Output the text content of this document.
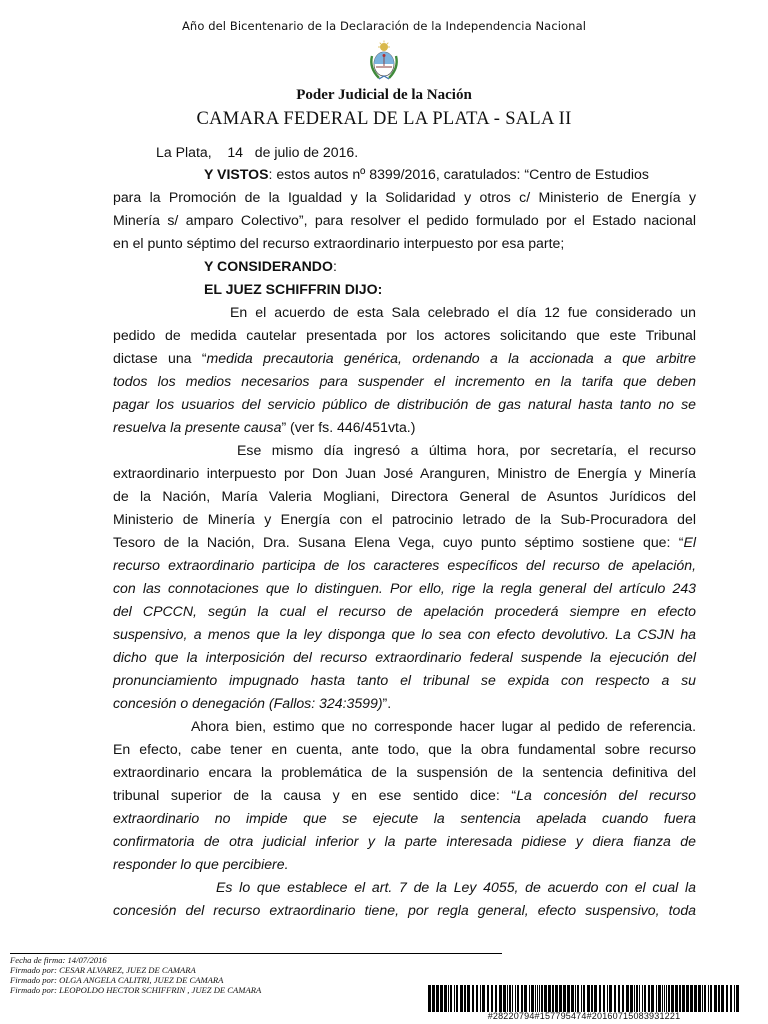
Año del Bicentenario de la Declaración de la Independencia Nacional
Poder Judicial de la Nación
CAMARA FEDERAL DE LA PLATA - SALA II
La Plata, 14 de julio de 2016.
Y VISTOS: estos autos nº 8399/2016, caratulados: “Centro de Estudios
para la Promoción de la Igualdad y la Solidaridad y otros c/ Ministerio de Energía y
Minería s/ amparo Colectivo”, para resolver el pedido formulado por el Estado nacional
en el punto séptimo del recurso extraordinario interpuesto por esa parte;
Y CONSIDERANDO:
EL JUEZ SCHIFFRIN DIJO:
En el acuerdo de esta Sala celebrado el día 12 fue considerado un
pedido de medida cautelar presentada por los actores solicitando que este Tribunal
dictase una “medida precautoria genérica, ordenando a la accionada a que arbitre
todos los medios necesarios para suspender el incremento en la tarifa que deben
pagar los usuarios del servicio público de distribución de gas natural hasta tanto no se
resuelva la presente causa” (ver fs. 446/451vta.)
Ese mismo día ingresó a última hora, por secretaría, el recurso
extraordinario interpuesto por Don Juan José Aranguren, Ministro de Energía y Minería
de la Nación, María Valeria Mogliani, Directora General de Asuntos Jurídicos del
Ministerio de Minería y Energía con el patrocinio letrado de la Sub-Procuradora del
Tesoro de la Nación, Dra. Susana Elena Vega, cuyo punto séptimo sostiene que: “El
recurso extraordinario participa de los caracteres específicos del recurso de apelación,
con las connotaciones que lo distinguen. Por ello, rige la regla general del artículo 243
del CPCCN, según la cual el recurso de apelación procederá siempre en efecto
suspensivo, a menos que la ley disponga que lo sea con efecto devolutivo. La CSJN ha
dicho que la interposición del recurso extraordinario federal suspende la ejecución del
pronunciamiento impugnado hasta tanto el tribunal se expida con respecto a su
concesión o denegación (Fallos: 324:3599)”.
Ahora bien, estimo que no corresponde hacer lugar al pedido de referencia.
En efecto, cabe tener en cuenta, ante todo, que la obra fundamental sobre recurso
extraordinario encara la problemática de la suspensión de la sentencia definitiva del
tribunal superior de la causa y en ese sentido dice: “La concesión del recurso
extraordinario no impide que se ejecute la sentencia apelada cuando fuera
confirmatoria de otra judicial inferior y la parte interesada pidiese y diera fianza de
responder lo que percibiere.
Es lo que establece el art. 7 de la Ley 4055, de acuerdo con el cual la
concesión del recurso extraordinario tiene, por regla general, efecto suspensivo, toda
Fecha de firma: 14/07/2016
Firmado por: CESAR ALVAREZ, JUEZ DE CAMARA
Firmado por: OLGA ANGELA CALITRI, JUEZ DE CAMARA
Firmado por: LEOPOLDO HECTOR SCHIFFRIN , JUEZ DE CAMARA
#28220794#157795474#20160715083931221
